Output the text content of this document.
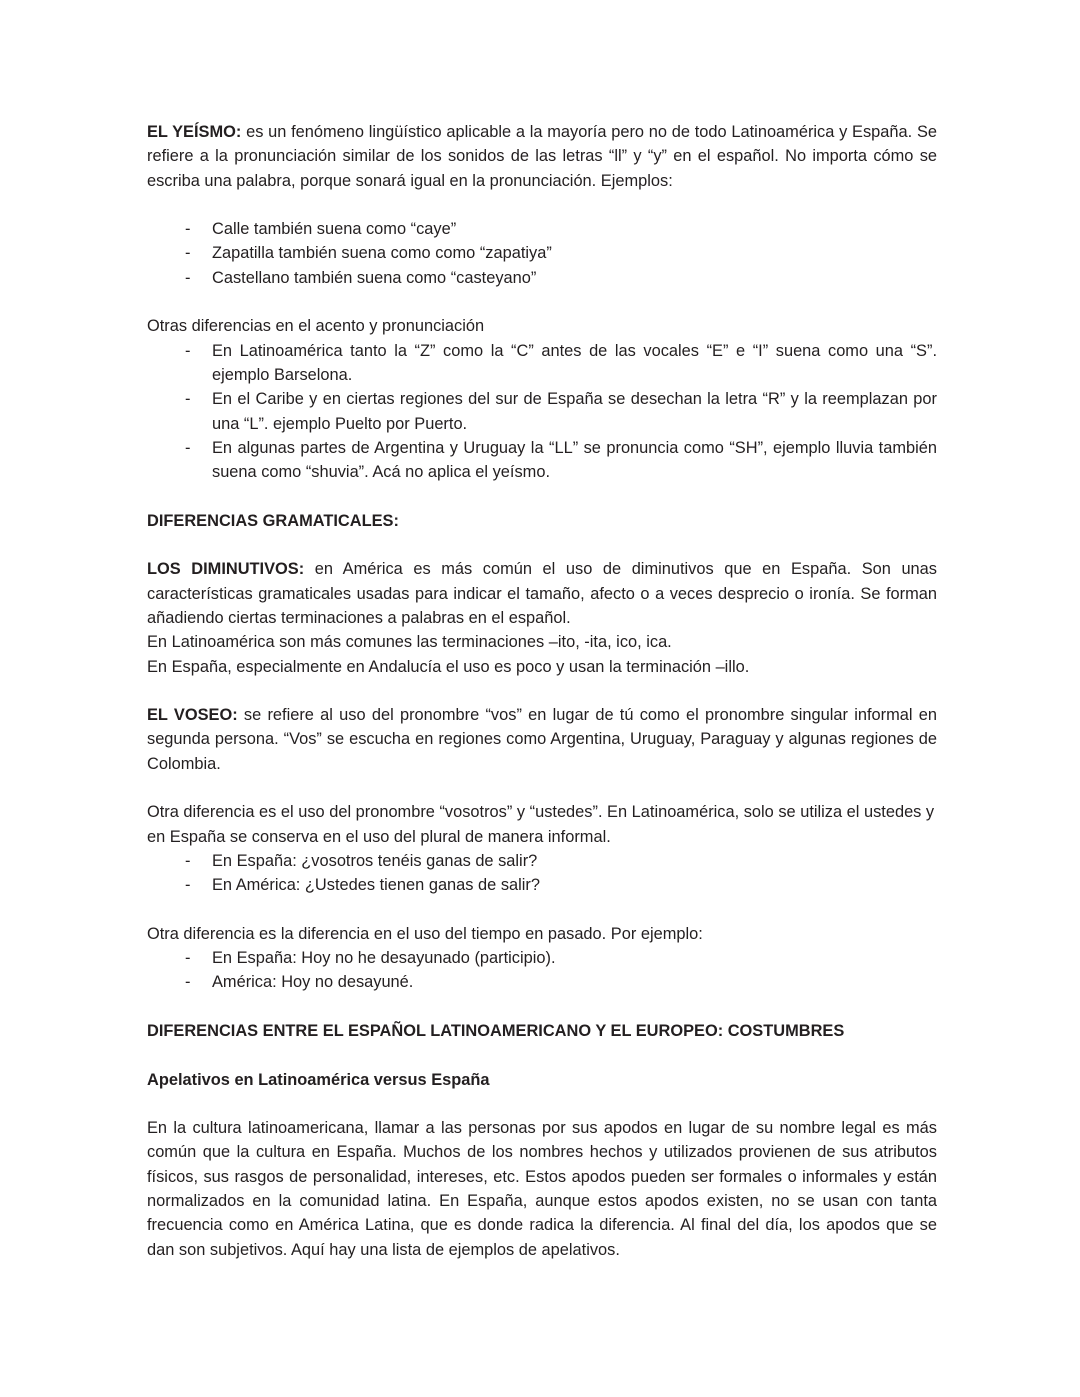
EL YEÍSMO: es un fenómeno lingüístico aplicable a la mayoría pero no de todo Latinoamérica y España. Se refiere a la pronunciación similar de los sonidos de las letras “ll” y “y” en el español. No importa cómo se escriba una palabra, porque sonará igual en la pronunciación. Ejemplos:

- Calle también suena como “caye”
- Zapatilla también suena como como “zapatiya”
- Castellano también suena como “casteyano”

Otras diferencias en el acento y pronunciación

- En Latinoamérica tanto la “Z” como la “C” antes de las vocales “E” e “I” suena como una “S”. ejemplo Barselona.
- En el Caribe y en ciertas regiones del sur de España se desechan la letra “R” y la reemplazan por una “L”. ejemplo Puelto por Puerto.
- En algunas partes de Argentina y Uruguay la “LL” se pronuncia como “SH”, ejemplo lluvia también suena como “shuvia”. Acá no aplica el yeísmo.

DIFERENCIAS GRAMATICALES:

LOS DIMINUTIVOS: en América es más común el uso de diminutivos que en España. Son unas características gramaticales usadas para indicar el tamaño, afecto o a veces desprecio o ironía. Se forman añadiendo ciertas terminaciones a palabras en el español.

En Latinoamérica son más comunes las terminaciones –ito, -ita, ico, ica.

En España, especialmente en Andalucía el uso es poco y usan la terminación –illo.

EL VOSEO: se refiere al uso del pronombre “vos” en lugar de tú como el pronombre singular informal en segunda persona. “Vos” se escucha en regiones como Argentina, Uruguay, Paraguay y algunas regiones de Colombia.

Otra diferencia es el uso del pronombre “vosotros” y “ustedes”. En Latinoamérica, solo se utiliza el ustedes y en España se conserva en el uso del plural de manera informal.

- En España: ¿vosotros tenéis ganas de salir?
- En América: ¿Ustedes tienen ganas de salir?

Otra diferencia es la diferencia en el uso del tiempo en pasado. Por ejemplo:

- En España: Hoy no he desayunado (participio).
- América: Hoy no desayuné.

DIFERENCIAS ENTRE EL ESPAÑOL LATINOAMERICANO Y EL EUROPEO: COSTUMBRES

Apelativos en Latinoamérica versus España

En la cultura latinoamericana, llamar a las personas por sus apodos en lugar de su nombre legal es más común que la cultura en España. Muchos de los nombres hechos y utilizados provienen de sus atributos físicos, sus rasgos de personalidad, intereses, etc. Estos apodos pueden ser formales o informales y están normalizados en la comunidad latina. En España, aunque estos apodos existen, no se usan con tanta frecuencia como en América Latina, que es donde radica la diferencia. Al final del día, los apodos que se dan son subjetivos. Aquí hay una lista de ejemplos de apelativos.
